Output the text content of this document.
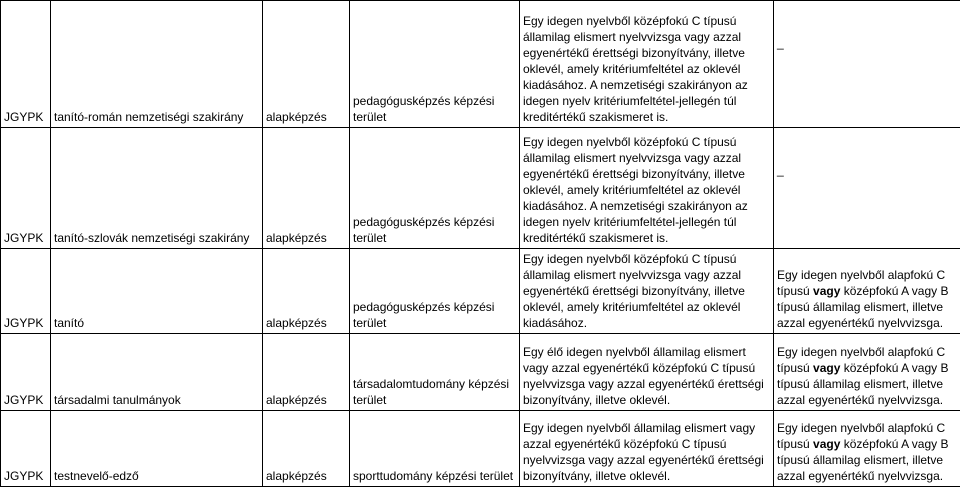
JGYPK	tanító-román nemzetiségi szakirány	alapképzés	pedagógusképzés képzési terület	Egy idegen nyelvből középfokú C típusú államilag elismert nyelvvizsga vagy azzal egyenértékű érettségi bizonyítvány, illetve oklevél, amely kritériumfeltétel az oklevél kiadásához. A nemzetiségi szakirányon az idegen nyelv kritériumfeltétel-jellegén túl kreditértékű szakismeret is.	_
JGYPK	tanító-szlovák nemzetiségi szakirány	alapképzés	pedagógusképzés képzési terület	Egy idegen nyelvből középfokú C típusú államilag elismert nyelvvizsga vagy azzal egyenértékű érettségi bizonyítvány, illetve oklevél, amely kritériumfeltétel az oklevél kiadásához. A nemzetiségi szakirányon az idegen nyelv kritériumfeltétel-jellegén túl kreditértékű szakismeret is.	_
JGYPK	tanító	alapképzés	pedagógusképzés képzési terület	Egy idegen nyelvből középfokú C típusú államilag elismert nyelvvizsga vagy azzal egyenértékű érettségi bizonyítvány, illetve oklevél, amely kritériumfeltétel az oklevél kiadásához.	Egy idegen nyelvből alapfokú C típusú vagy középfokú A vagy B típusú államilag elismert, illetve azzal egyenértékű nyelvvizsga.
JGYPK	társadalmi tanulmányok	alapképzés	társadalomtudomány képzési terület	Egy élő idegen nyelvből államilag elismert vagy azzal egyenértékű középfokú C típusú nyelvvizsga vagy azzal egyenértékű érettségi bizonyítvány, illetve oklevél.	Egy idegen nyelvből alapfokú C típusú vagy középfokú A vagy B típusú államilag elismert, illetve azzal egyenértékű nyelvvizsga.
JGYPK	testnevelő-edző	alapképzés	sporttudomány képzési terület	Egy idegen nyelvből államilag elismert vagy azzal egyenértékű középfokú C típusú nyelvvizsga vagy azzal egyenértékű érettségi bizonyítvány, illetve oklevél.	Egy idegen nyelvből alapfokú C típusú vagy középfokú A vagy B típusú államilag elismert, illetve azzal egyenértékű nyelvvizsga.
